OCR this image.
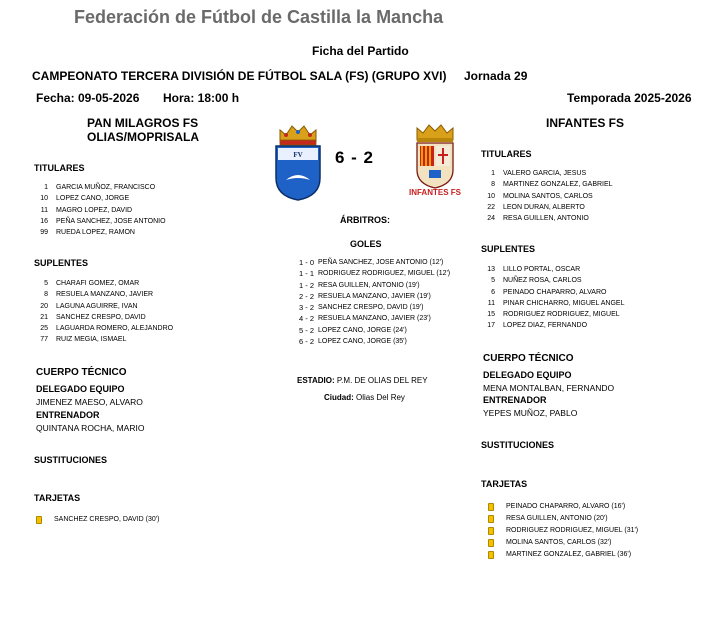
Federación de Fútbol de Castilla la Mancha
Ficha del Partido
CAMPEONATO TERCERA DIVISIÓN DE FÚTBOL SALA (FS) (GRUPO XVI) Jornada 29
Fecha: 09-05-2026 Hora: 18:00 h	Temporada 2025-2026
PAN MILAGROS FS
OLIAS/MOPRISALA
INFANTES FS
FV 6 - 2
INFANTES FS
TITULARES
1 GARCIA MUÑOZ, FRANCISCO
10 LOPEZ CANO, JORGE
11 MAGRO LOPEZ, DAVID
16 PEÑA SANCHEZ, JOSE ANTONIO
99 RUEDA LOPEZ, RAMON
SUPLENTES
5 CHARAFI GOMEZ, OMAR
8 RESUELA MANZANO, JAVIER
20 LAGUNA AGUIRRE, IVAN
21 SANCHEZ CRESPO, DAVID
25 LAGUARDA ROMERO, ALEJANDRO
77 RUIZ MEGIA, ISMAEL
CUERPO TÉCNICO
DELEGADO EQUIPO
JIMENEZ MAESO, ALVARO
ENTRENADOR
QUINTANA ROCHA, MARIO
SUSTITUCIONES
TARJETAS
SANCHEZ CRESPO, DAVID (30')
ÁRBITROS:
GOLES
1 - 0 PEÑA SANCHEZ, JOSE ANTONIO (12')
1 - 1 RODRIGUEZ RODRIGUEZ, MIGUEL (12')
1 - 2 RESA GUILLEN, ANTONIO (19')
2 - 2 RESUELA MANZANO, JAVIER (19')
3 - 2 SANCHEZ CRESPO, DAVID (19')
4 - 2 RESUELA MANZANO, JAVIER (23')
5 - 2 LOPEZ CANO, JORGE (24')
6 - 2 LOPEZ CANO, JORGE (35')
ESTADIO: P.M. DE OLIAS DEL REY
Ciudad: Olias Del Rey
TITULARES
1 VALERO GARCIA, JESUS
8 MARTINEZ GONZALEZ, GABRIEL
10 MOLINA SANTOS, CARLOS
22 LEON DURAN, ALBERTO
24 RESA GUILLEN, ANTONIO
SUPLENTES
13 LILLO PORTAL, OSCAR
5 NUÑEZ ROSA, CARLOS
6 PEINADO CHAPARRO, ALVARO
11 PINAR CHICHARRO, MIGUEL ANGEL
15 RODRIGUEZ RODRIGUEZ, MIGUEL
17 LOPEZ DIAZ, FERNANDO
CUERPO TÉCNICO
DELEGADO EQUIPO
MENA MONTALBAN, FERNANDO
ENTRENADOR
YEPES MUÑOZ, PABLO
SUSTITUCIONES
TARJETAS
PEINADO CHAPARRO, ALVARO (16')
RESA GUILLEN, ANTONIO (20')
RODRIGUEZ RODRIGUEZ, MIGUEL (31')
MOLINA SANTOS, CARLOS (32')
MARTINEZ GONZALEZ, GABRIEL (36')
